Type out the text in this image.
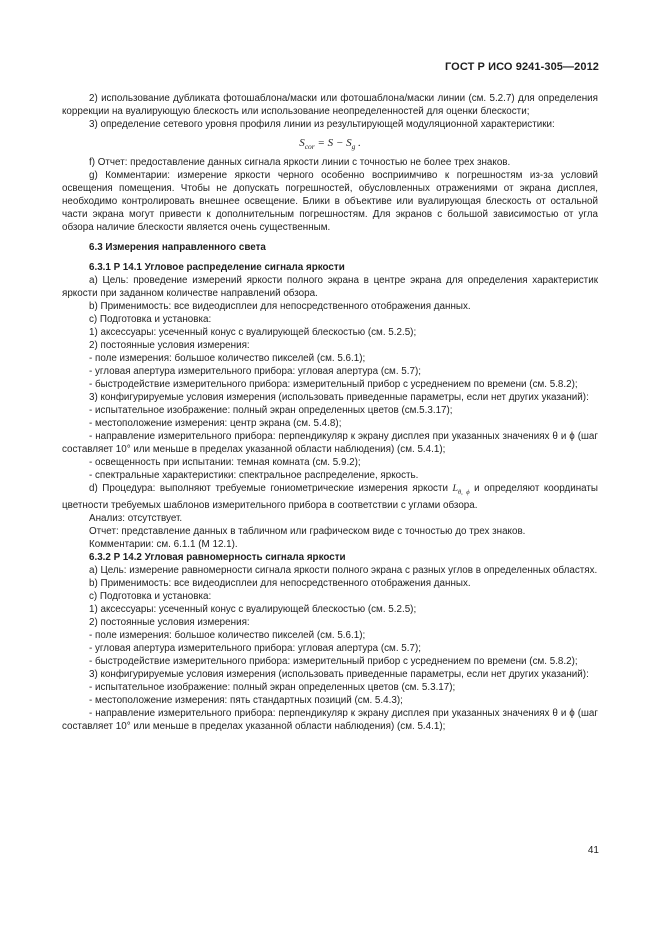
ГОСТ Р ИСО 9241-305—2012

2) использование дубликата фотошаблона/маски или фотошаблона/маски линии (см. 5.2.7) для определения коррекции на вуалирующую блескость или использование неопределенностей для оценки блескости;

3) определение сетевого уровня профиля линии из результирующей модуляционной характеристики:

$S_{cor} = S - S_g$ .

f) Отчет: предоставление данных сигнала яркости линии с точностью не более трех знаков.

g) Комментарии: измерение яркости черного особенно восприимчиво к погрешностям из-за условий освещения помещения. Чтобы не допускать погрешностей, обусловленных отражениями от экрана дисплея, необходимо контролировать внешнее освещение. Блики в объективе или вуалирующая блескость от остальной части экрана могут привести к дополнительным погрешностям. Для экранов с большой зависимостью от угла обзора наличие блескости является очень существенным.

6.3 Измерения направленного света

6.3.1 P 14.1 Угловое распределение сигнала яркости

a) Цель: проведение измерений яркости полного экрана в центре экрана для определения характеристик яркости при заданном количестве направлений обзора.

b) Применимость: все видеодисплеи для непосредственного отображения данных.

c) Подготовка и установка:

1) аксессуары: усеченный конус с вуалирующей блескостью (см. 5.2.5);

2) постоянные условия измерения:

- поле измерения: большое количество пикселей (см. 5.6.1);

- угловая апертура измерительного прибора: угловая апертура (см. 5.7);

- быстродействие измерительного прибора: измерительный прибор с усреднением по времени (см. 5.8.2);

3) конфигурируемые условия измерения (использовать приведенные параметры, если нет других указаний):

- испытательное изображение: полный экран определенных цветов (см.5.3.17);

- местоположение измерения: центр экрана (см. 5.4.8);

- направление измерительного прибора: перпендикуляр к экрану дисплея при указанных значениях θ и ϕ (шаг составляет 10° или меньше в пределах указанной области наблюдения) (см. 5.4.1);

- освещенность при испытании: темная комната (см. 5.9.2);

- спектральные характеристики: спектральное распределение, яркость.

d) Процедура: выполняют требуемые гониометрические измерения яркости $L_{\theta, \phi}$ и определяют координаты цветности требуемых шаблонов измерительного прибора в соответствии с углами обзора.

Анализ: отсутствует.

Отчет: представление данных в табличном или графическом виде с точностью до трех знаков.

Комментарии: см. 6.1.1 (М 12.1).

6.3.2 P 14.2 Угловая равномерность сигнала яркости

a) Цель: измерение равномерности сигнала яркости полного экрана с разных углов в определенных областях.

b) Применимость: все видеодисплеи для непосредственного отображения данных.

c) Подготовка и установка:

1) аксессуары: усеченный конус с вуалирующей блескостью (см. 5.2.5);

2) постоянные условия измерения:

- поле измерения: большое количество пикселей (см. 5.6.1);

- угловая апертура измерительного прибора: угловая апертура (см. 5.7);

- быстродействие измерительного прибора: измерительный прибор с усреднением по времени (см. 5.8.2);

3) конфигурируемые условия измерения (использовать приведенные параметры, если нет других указаний):

- испытательное изображение: полный экран определенных цветов (см. 5.3.17);

- местоположение измерения: пять стандартных позиций (см. 5.4.3);

- направление измерительного прибора: перпендикуляр к экрану дисплея при указанных значениях θ и ϕ (шаг составляет 10° или меньше в пределах указанной области наблюдения) (см. 5.4.1);

41
